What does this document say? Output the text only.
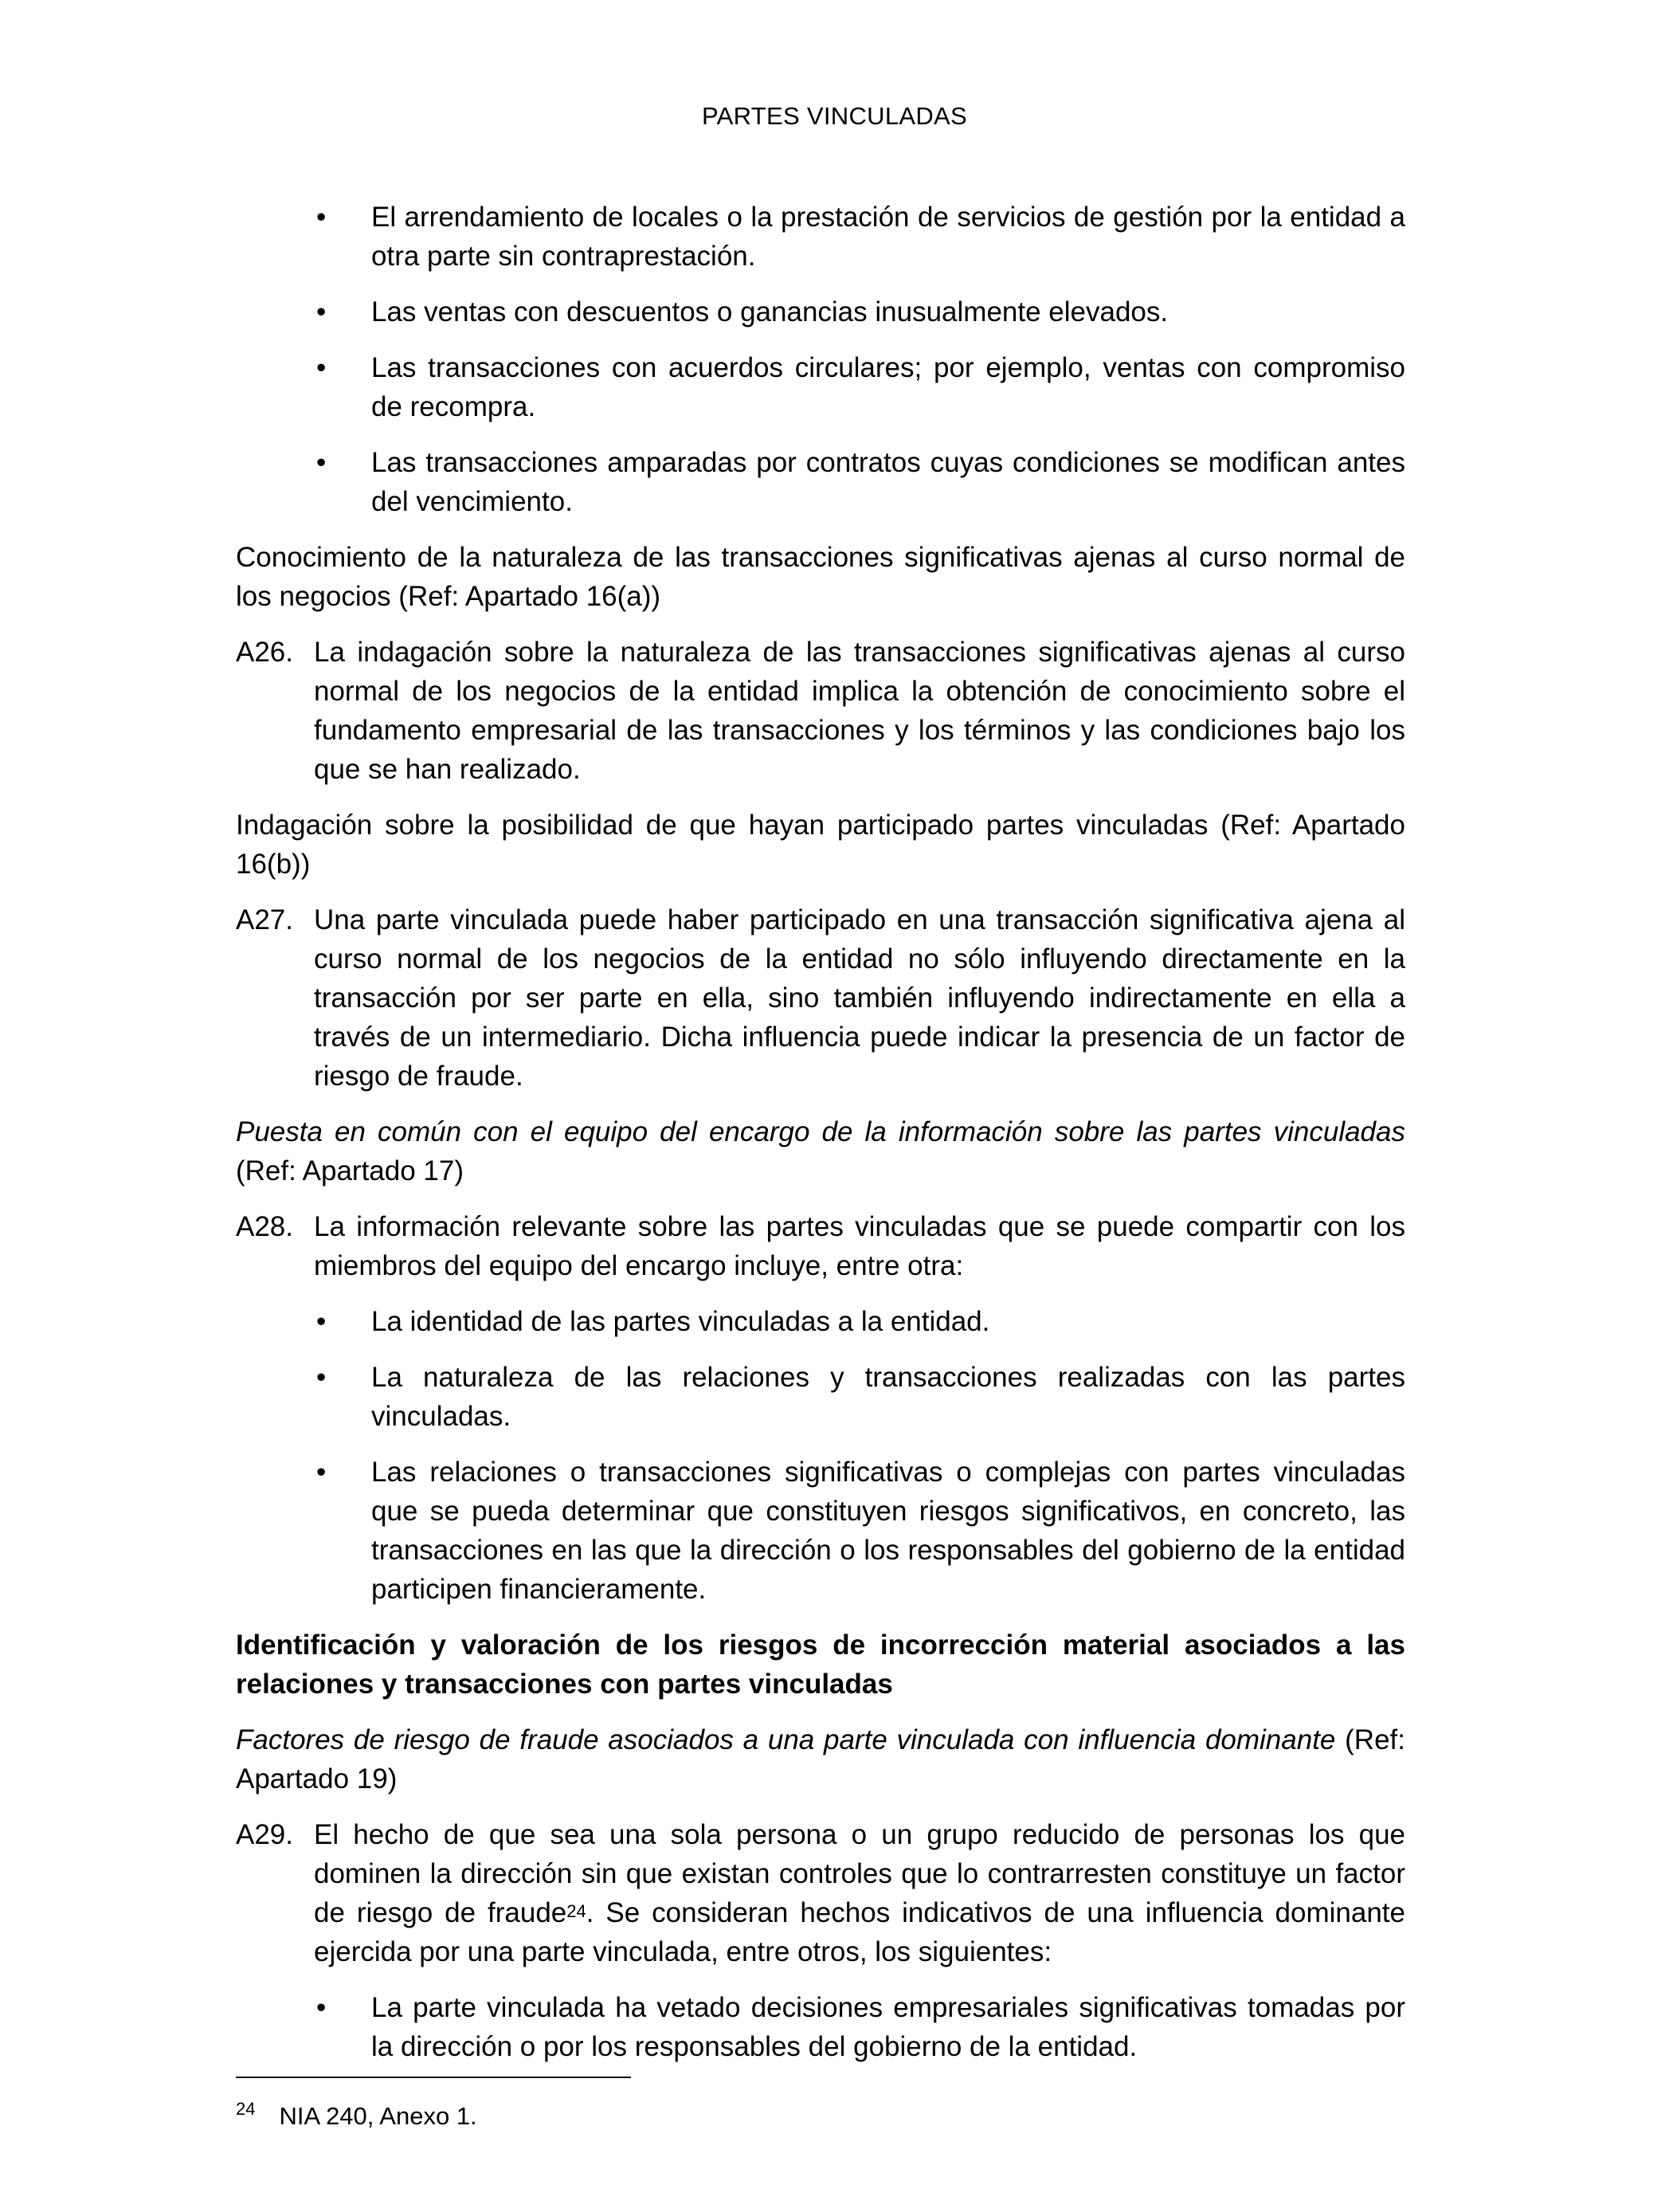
PARTES VINCULADAS
• El arrendamiento de locales o la prestación de servicios de gestión por la entidad a otra parte sin contraprestación.
• Las ventas con descuentos o ganancias inusualmente elevados.
• Las transacciones con acuerdos circulares; por ejemplo, ventas con compromiso de recompra.
• Las transacciones amparadas por contratos cuyas condiciones se modifican antes del vencimiento.

Conocimiento de la naturaleza de las transacciones significativas ajenas al curso normal de los negocios (Ref: Apartado 16(a))

A26. La indagación sobre la naturaleza de las transacciones significativas ajenas al curso normal de los negocios de la entidad implica la obtención de conocimiento sobre el fundamento empresarial de las transacciones y los términos y las condiciones bajo los que se han realizado.

Indagación sobre la posibilidad de que hayan participado partes vinculadas (Ref: Apartado 16(b))

A27. Una parte vinculada puede haber participado en una transacción significativa ajena al curso normal de los negocios de la entidad no sólo influyendo directamente en la transacción por ser parte en ella, sino también influyendo indirectamente en ella a través de un intermediario. Dicha influencia puede indicar la presencia de un factor de riesgo de fraude.

Puesta en común con el equipo del encargo de la información sobre las partes vinculadas (Ref: Apartado 17)

A28. La información relevante sobre las partes vinculadas que se puede compartir con los miembros del equipo del encargo incluye, entre otra:
• La identidad de las partes vinculadas a la entidad.
• La naturaleza de las relaciones y transacciones realizadas con las partes vinculadas.
• Las relaciones o transacciones significativas o complejas con partes vinculadas que se pueda determinar que constituyen riesgos significativos, en concreto, las transacciones en las que la dirección o los responsables del gobierno de la entidad participen financieramente.

Identificación y valoración de los riesgos de incorrección material asociados a las relaciones y transacciones con partes vinculadas

Factores de riesgo de fraude asociados a una parte vinculada con influencia dominante (Ref: Apartado 19)

A29. El hecho de que sea una sola persona o un grupo reducido de personas los que dominen la dirección sin que existan controles que lo contrarresten constituye un factor de riesgo de fraude$^{24}$. Se consideran hechos indicativos de una influencia dominante ejercida por una parte vinculada, entre otros, los siguientes:
• La parte vinculada ha vetado decisiones empresariales significativas tomadas por la dirección o por los responsables del gobierno de la entidad.
$^{24}$ NIA 240, Anexo 1.
